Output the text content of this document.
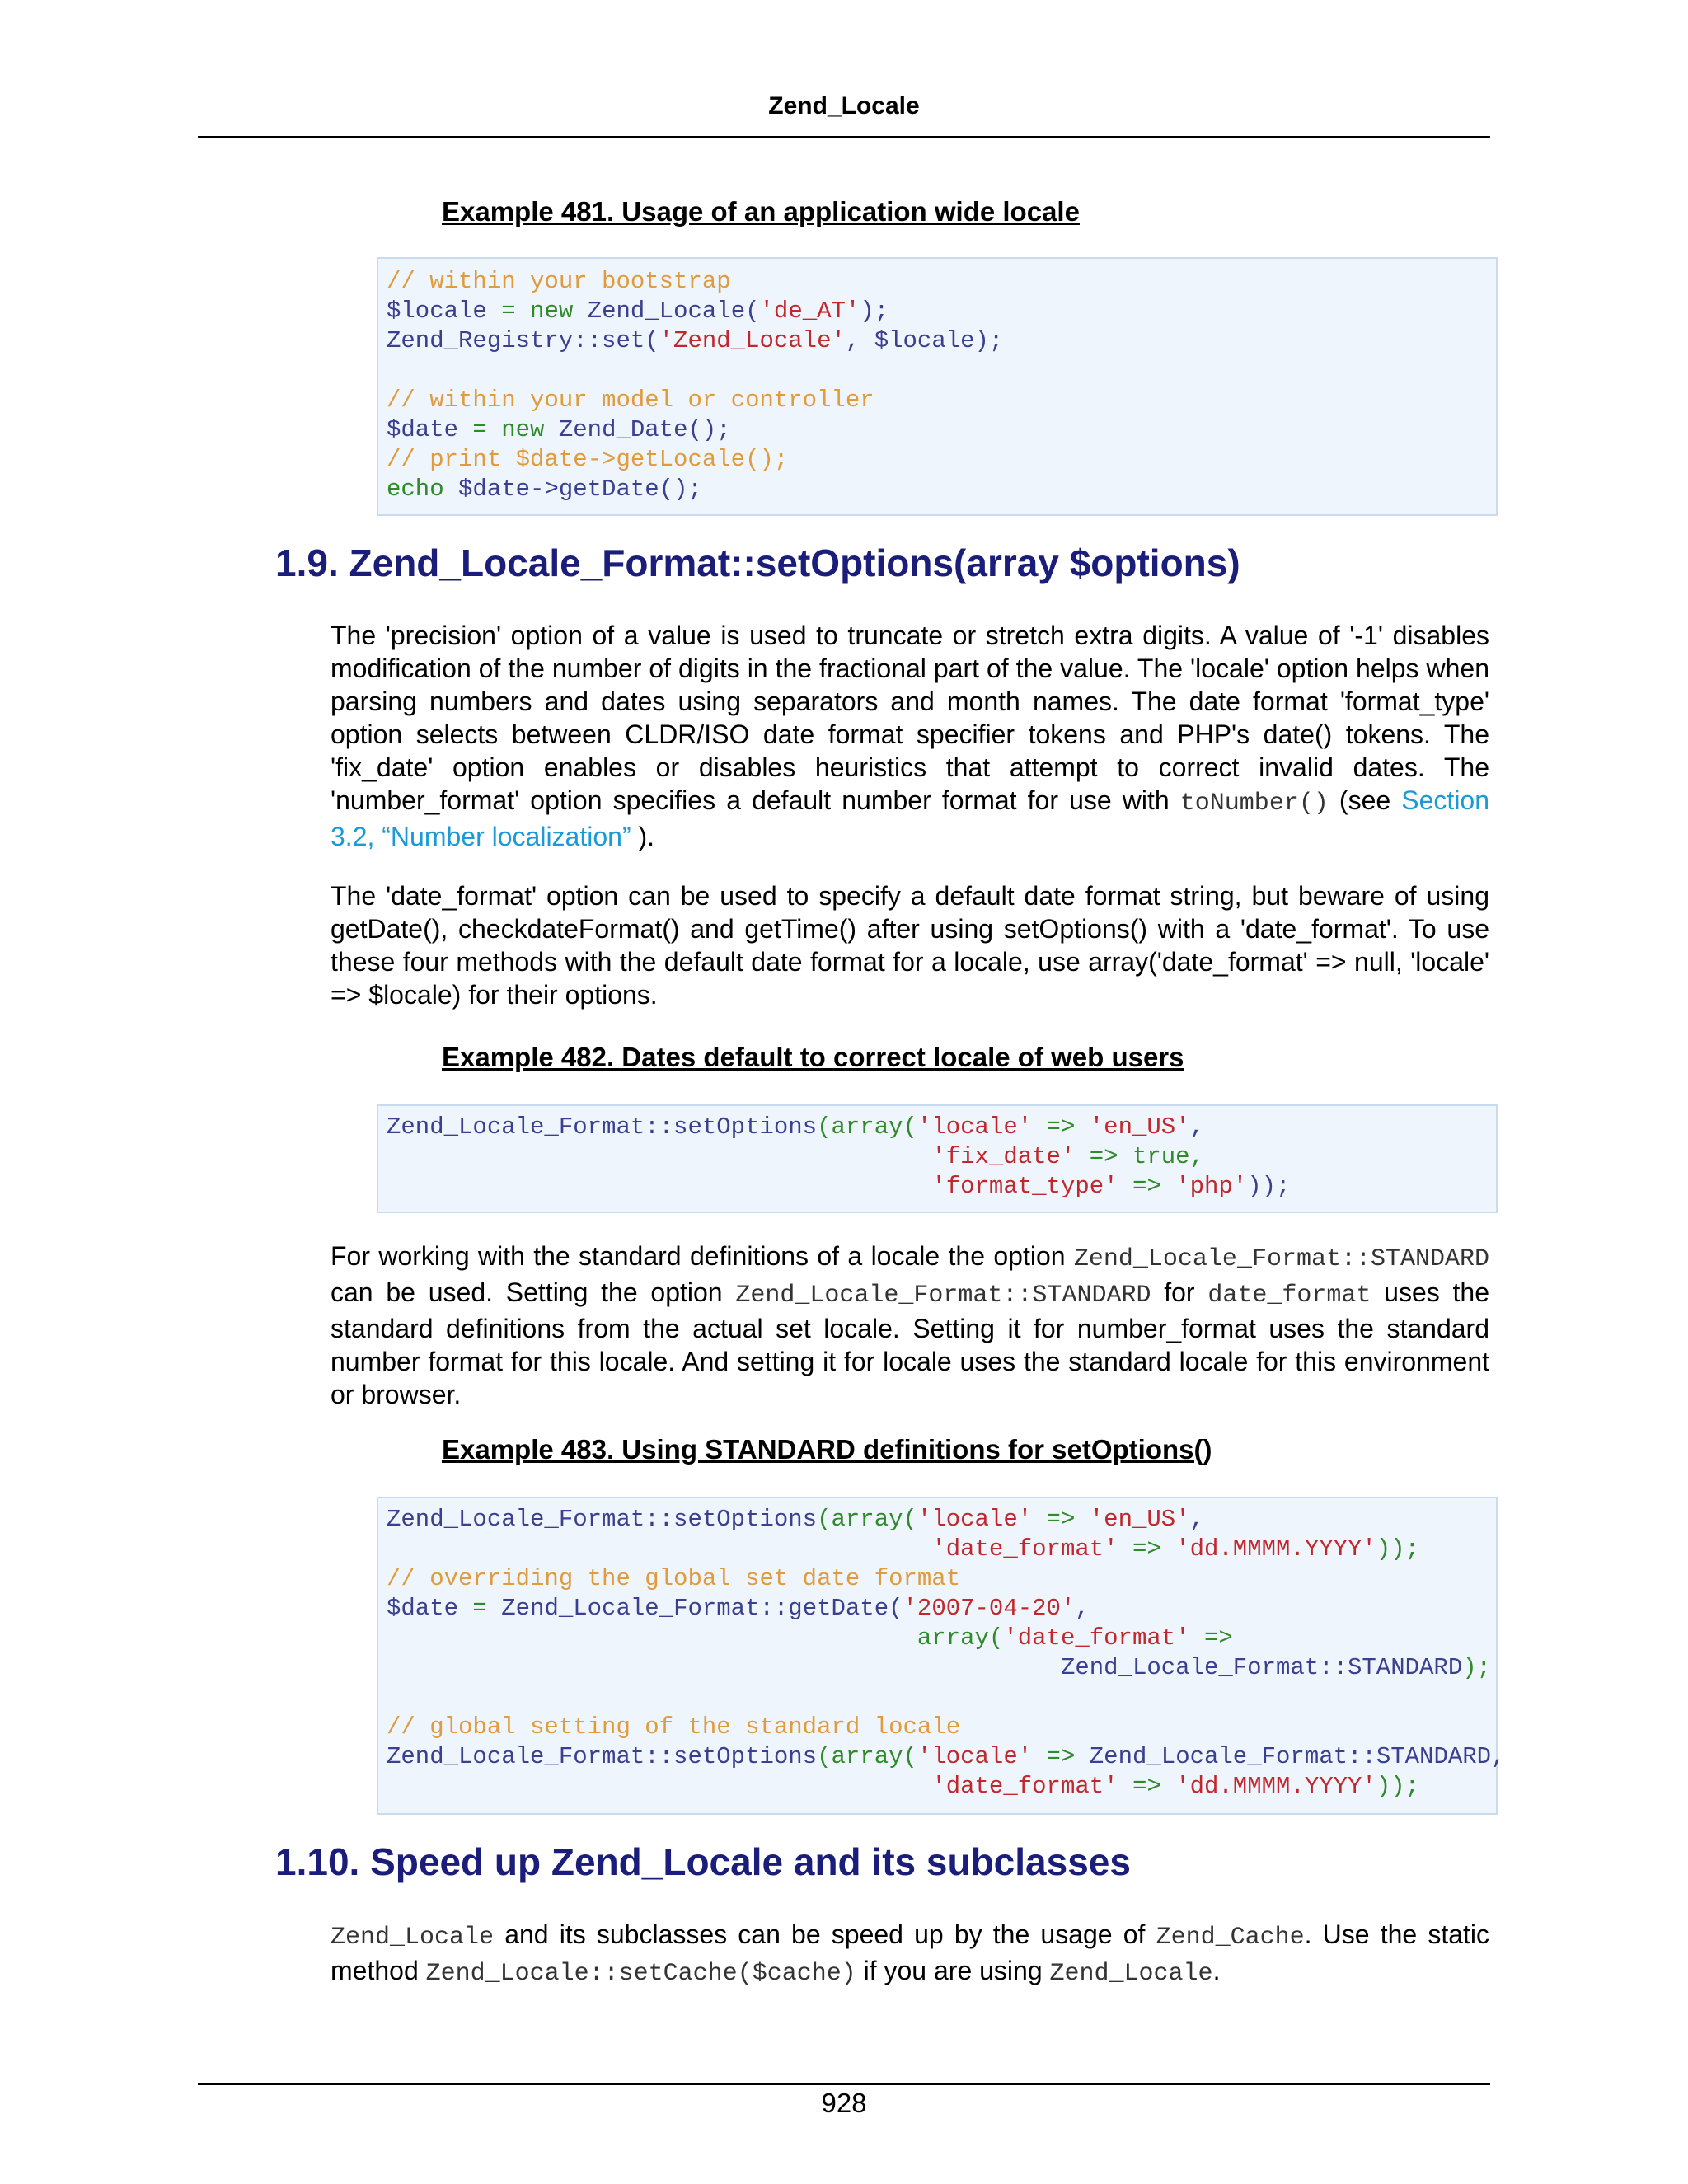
Zend_Locale
Example 481. Usage of an application wide locale
// within your bootstrap
$locale = new Zend_Locale('de_AT');
Zend_Registry::set('Zend_Locale', $locale);

// within your model or controller
$date = new Zend_Date();
// print $date->getLocale();
echo $date->getDate();
1.9. Zend_Locale_Format::setOptions(array $options)

The 'precision' option of a value is used to truncate or stretch extra digits. A value of '-1' disables modification of the number of digits in the fractional part of the value. The 'locale' option helps when parsing numbers and dates using separators and month names. The date format 'format_type' option selects between CLDR/ISO date format specifier tokens and PHP's date() tokens. The 'fix_date' option enables or disables heuristics that attempt to correct invalid dates. The 'number_format' option specifies a default number format for use with toNumber() (see Section 3.2, “Number localization” ).

The 'date_format' option can be used to specify a default date format string, but beware of using getDate(), checkdateFormat() and getTime() after using setOptions() with a 'date_format'. To use these four methods with the default date format for a locale, use array('date_format' => null, 'locale' => $locale) for their options.

Example 482. Dates default to correct locale of web users
Zend_Locale_Format::setOptions(array('locale' => 'en_US',
'fix_date' => true,
'format_type' => 'php'));

For working with the standard definitions of a locale the option Zend_Locale_Format::STANDARD can be used. Setting the option Zend_Locale_Format::STANDARD for date_format uses the standard definitions from the actual set locale. Setting it for number_format uses the standard number format for this locale. And setting it for locale uses the standard locale for this environment or browser.

Example 483. Using STANDARD definitions for setOptions()
Zend_Locale_Format::setOptions(array('locale' => 'en_US',
'date_format' => 'dd.MMMM.YYYY'));
// overriding the global set date format
$date = Zend_Locale_Format::getDate('2007-04-20',
array('date_format' =>
Zend_Locale_Format::STANDARD);

// global setting of the standard locale
Zend_Locale_Format::setOptions(array('locale' => Zend_Locale_Format::STANDARD,
'date_format' => 'dd.MMMM.YYYY'));
1.10. Speed up Zend_Locale and its subclasses

Zend_Locale and its subclasses can be speed up by the usage of Zend_Cache. Use the static method Zend_Locale::setCache($cache) if you are using Zend_Locale.

928
